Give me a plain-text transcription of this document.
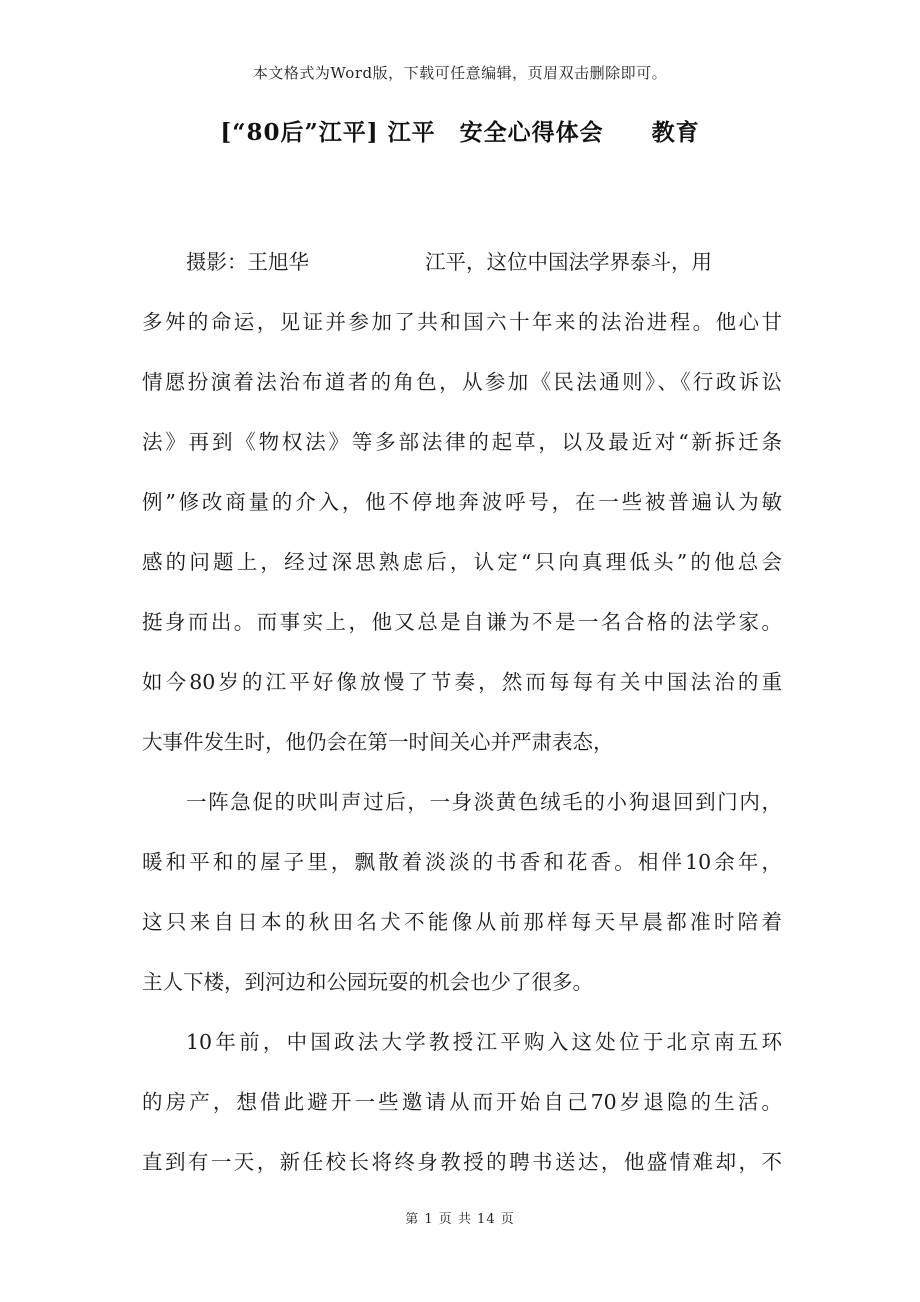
本文格式为Word版，下载可任意编辑，页眉双击删除即可。
[“80后”江平] 江平　安全心得体会　　教育
摄影：王旭华	江平，这位中国法学界泰斗，用
多舛的命运，见证并参加了共和国六十年来的法治进程。他心甘
情愿扮演着法治布道者的角色，从参加《民法通则》、《行政诉讼
法》再到《物权法》等多部法律的起草，以及最近对“新拆迁条
例”修改商量的介入，他不停地奔波呼号，在一些被普遍认为敏
感的问题上，经过深思熟虑后，认定“只向真理低头”的他总会
挺身而出。而事实上，他又总是自谦为不是一名合格的法学家。
如今80岁的江平好像放慢了节奏，然而每每有关中国法治的重
大事件发生时，他仍会在第一时间关心并严肃表态，
一阵急促的吠叫声过后，一身淡黄色绒毛的小狗退回到门内，
暖和平和的屋子里，飘散着淡淡的书香和花香。相伴10余年，
这只来自日本的秋田名犬不能像从前那样每天早晨都准时陪着
主人下楼，到河边和公园玩耍的机会也少了很多。
10年前，中国政法大学教授江平购入这处位于北京南五环
的房产，想借此避开一些邀请从而开始自己70岁退隐的生活。
直到有一天，新任校长将终身教授的聘书送达，他盛情难却，不
第 1 页 共 14 页
